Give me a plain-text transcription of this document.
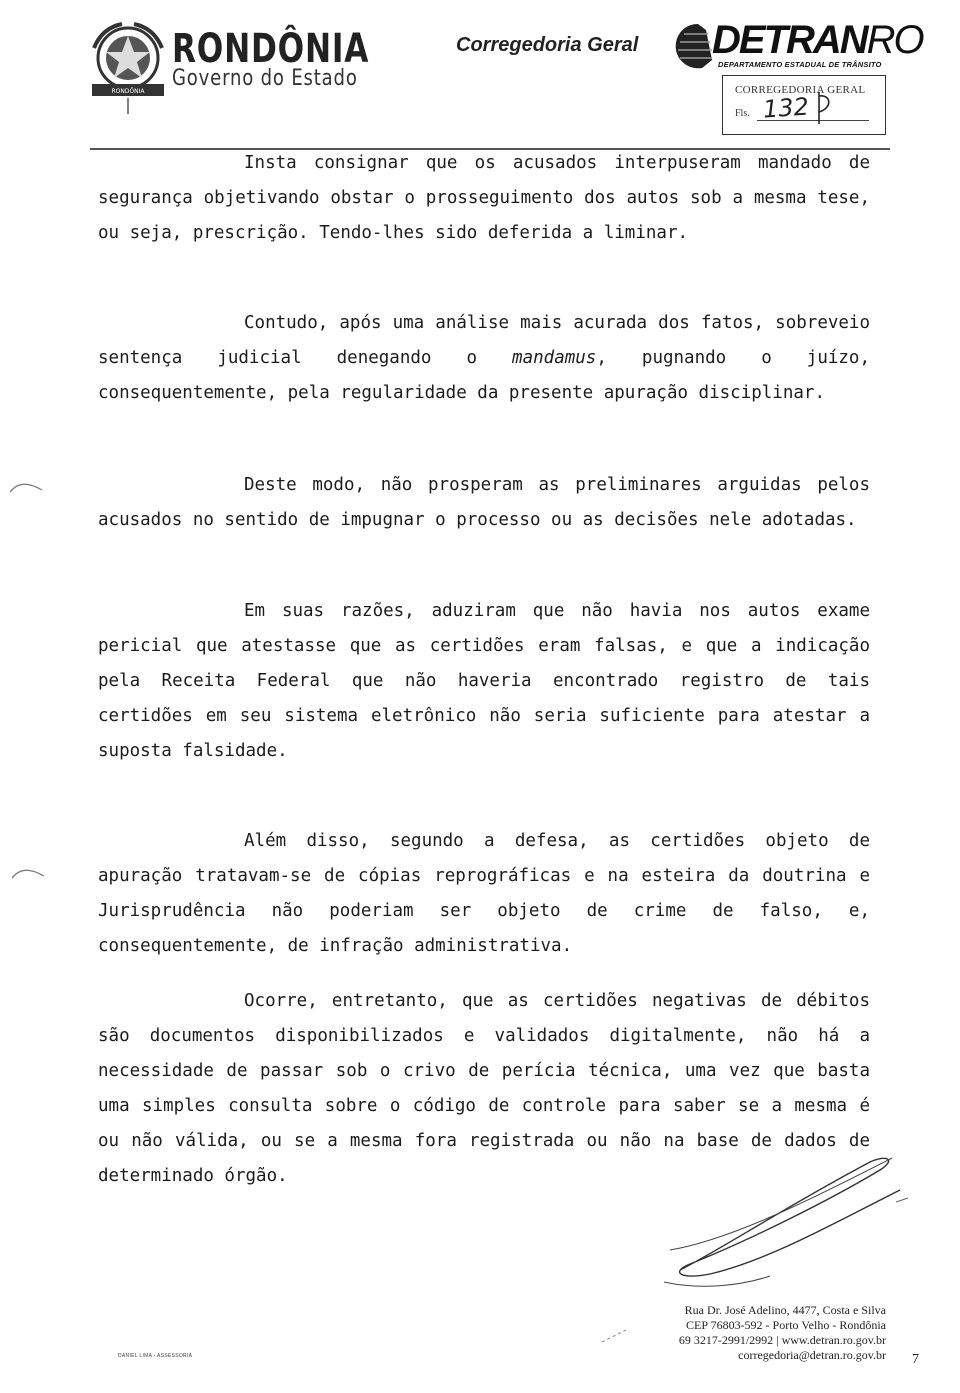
RONDÔNIA
RONDÔNIA
Governo do Estado
Corregedoria Geral DETRANRO
DEPARTAMENTO ESTADUAL DE TRÂNSITO
CORREGEDORIA GERAL
Fls. 132
Insta consignar que os acusados interpuseram mandado de segurança objetivando obstar o prosseguimento dos autos sob a mesma tese, ou seja, prescrição. Tendo-lhes sido deferida a liminar.
Contudo, após uma análise mais acurada dos fatos, sobreveio sentença judicial denegando o mandamus, pugnando o juízo, consequentemente, pela regularidade da presente apuração disciplinar.
Deste modo, não prosperam as preliminares arguidas pelos acusados no sentido de impugnar o processo ou as decisões nele adotadas.
Em suas razões, aduziram que não havia nos autos exame pericial que atestasse que as certidões eram falsas, e que a indicação pela Receita Federal que não haveria encontrado registro de tais certidões em seu sistema eletrônico não seria suficiente para atestar a suposta falsidade.
Além disso, segundo a defesa, as certidões objeto de apuração tratavam-se de cópias reprográficas e na esteira da doutrina e Jurisprudência não poderiam ser objeto de crime de falso, e, consequentemente, de infração administrativa.
Ocorre, entretanto, que as certidões negativas de débitos são documentos disponibilizados e validados digitalmente, não há a necessidade de passar sob o crivo de perícia técnica, uma vez que basta uma simples consulta sobre o código de controle para saber se a mesma é ou não válida, ou se a mesma fora registrada ou não na base de dados de determinado órgão.
Rua Dr. José Adelino, 4477, Costa e Silva
CEP 76803-592 - Porto Velho - Rondônia
69 3217-2991/2992 | www.detran.ro.gov.br
corregedoria@detran.ro.gov.br
DANIEL LIMA - ASSESSORIA	7
